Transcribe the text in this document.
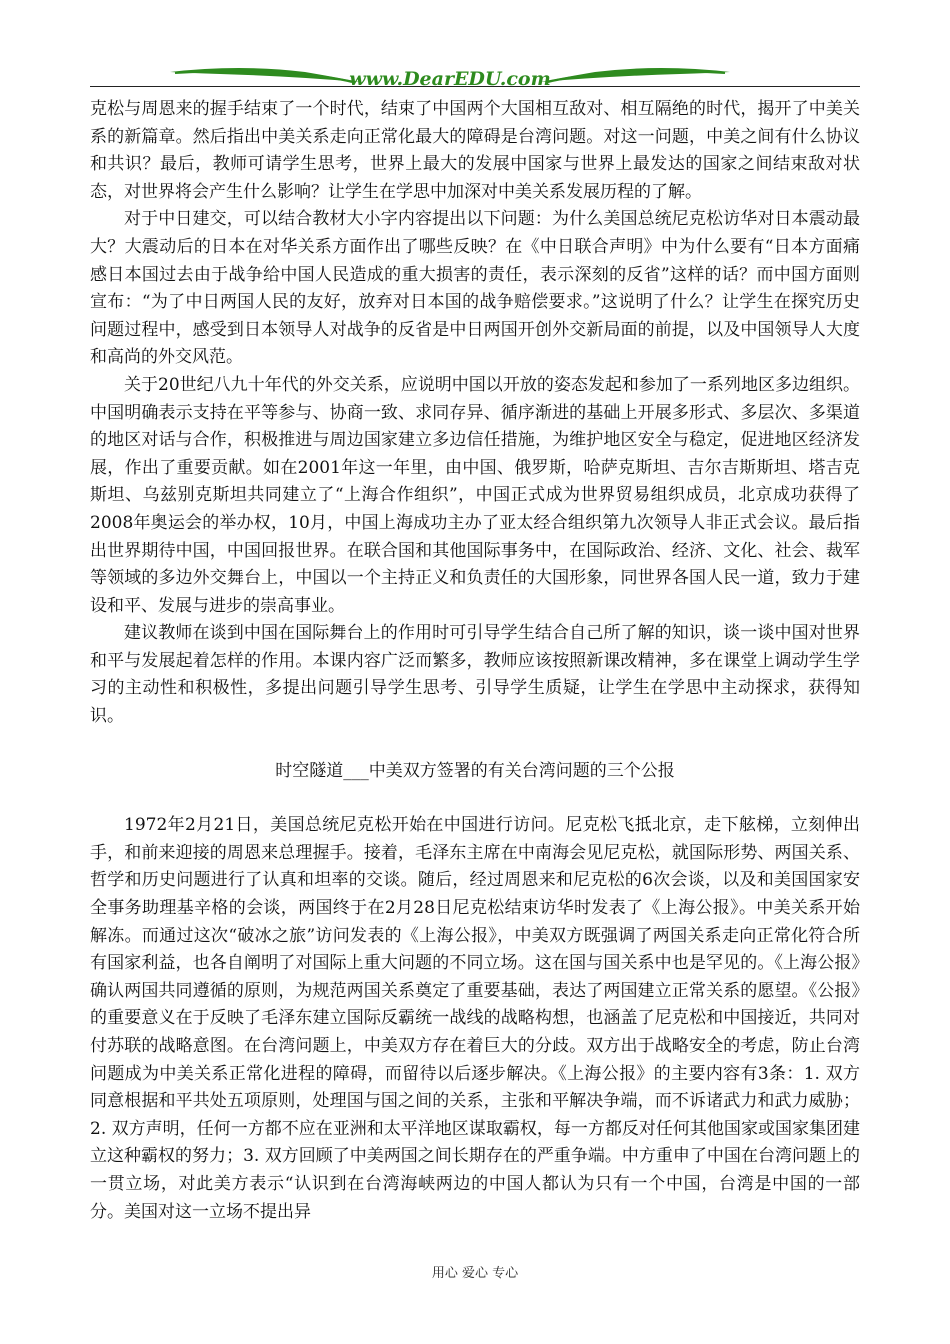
www.DearEDU.com

克松与周恩来的握手结束了一个时代，结束了中国两个大国相互敌对、相互隔绝的时代，揭开了中美关系的新篇章。然后指出中美关系走向正常化最大的障碍是台湾问题。对这一问题，中美之间有什么协议和共识？最后，教师可请学生思考，世界上最大的发展中国家与世界上最发达的国家之间结束敌对状态，对世界将会产生什么影响？让学生在学思中加深对中美关系发展历程的了解。

对于中日建交，可以结合教材大小字内容提出以下问题：为什么美国总统尼克松访华对日本震动最大？大震动后的日本在对华关系方面作出了哪些反映？在《中日联合声明》中为什么要有“日本方面痛感日本国过去由于战争给中国人民造成的重大损害的责任，表示深刻的反省”这样的话？而中国方面则宣布：“为了中日两国人民的友好，放弃对日本国的战争赔偿要求。”这说明了什么？让学生在探究历史问题过程中，感受到日本领导人对战争的反省是中日两国开创外交新局面的前提，以及中国领导人大度和高尚的外交风范。

关于20世纪八九十年代的外交关系，应说明中国以开放的姿态发起和参加了一系列地区多边组织。中国明确表示支持在平等参与、协商一致、求同存异、循序渐进的基础上开展多形式、多层次、多渠道的地区对话与合作，积极推进与周边国家建立多边信任措施，为维护地区安全与稳定，促进地区经济发展，作出了重要贡献。如在2001年这一年里，由中国、俄罗斯，哈萨克斯坦、吉尔吉斯斯坦、塔吉克斯坦、乌兹别克斯坦共同建立了“上海合作组织”，中国正式成为世界贸易组织成员，北京成功获得了2008年奥运会的举办权，10月，中国上海成功主办了亚太经合组织第九次领导人非正式会议。最后指出世界期待中国，中国回报世界。在联合国和其他国际事务中，在国际政治、经济、文化、社会、裁军等领域的多边外交舞台上，中国以一个主持正义和负责任的大国形象，同世界各国人民一道，致力于建设和平、发展与进步的崇高事业。

建议教师在谈到中国在国际舞台上的作用时可引导学生结合自己所了解的知识，谈一谈中国对世界和平与发展起着怎样的作用。本课内容广泛而繁多，教师应该按照新课改精神，多在课堂上调动学生学习的主动性和积极性，多提出问题引导学生思考、引导学生质疑，让学生在学思中主动探求，获得知识。

时空隧道___中美双方签署的有关台湾问题的三个公报

1972年2月21日，美国总统尼克松开始在中国进行访问。尼克松飞抵北京，走下舷梯，立刻伸出手，和前来迎接的周恩来总理握手。接着，毛泽东主席在中南海会见尼克松，就国际形势、两国关系、哲学和历史问题进行了认真和坦率的交谈。随后，经过周恩来和尼克松的6次会谈，以及和美国国家安全事务助理基辛格的会谈，两国终于在2月28日尼克松结束访华时发表了《上海公报》。中美关系开始解冻。而通过这次“破冰之旅”访问发表的《上海公报》，中美双方既强调了两国关系走向正常化符合所有国家利益，也各自阐明了对国际上重大问题的不同立场。这在国与国关系中也是罕见的。《上海公报》确认两国共同遵循的原则，为规范两国关系奠定了重要基础，表达了两国建立正常关系的愿望。《公报》的重要意义在于反映了毛泽东建立国际反霸统一战线的战略构想，也涵盖了尼克松和中国接近，共同对付苏联的战略意图。在台湾问题上，中美双方存在着巨大的分歧。双方出于战略安全的考虑，防止台湾问题成为中美关系正常化进程的障碍，而留待以后逐步解决。《上海公报》的主要内容有3条：1. 双方同意根据和平共处五项原则，处理国与国之间的关系，主张和平解决争端，而不诉诸武力和武力威胁；2. 双方声明，任何一方都不应在亚洲和太平洋地区谋取霸权，每一方都反对任何其他国家或国家集团建立这种霸权的努力；3. 双方回顾了中美两国之间长期存在的严重争端。中方重申了中国在台湾问题上的一贯立场，对此美方表示“认识到在台湾海峡两边的中国人都认为只有一个中国，台湾是中国的一部分。美国对这一立场不提出异

用心 爱心 专心
